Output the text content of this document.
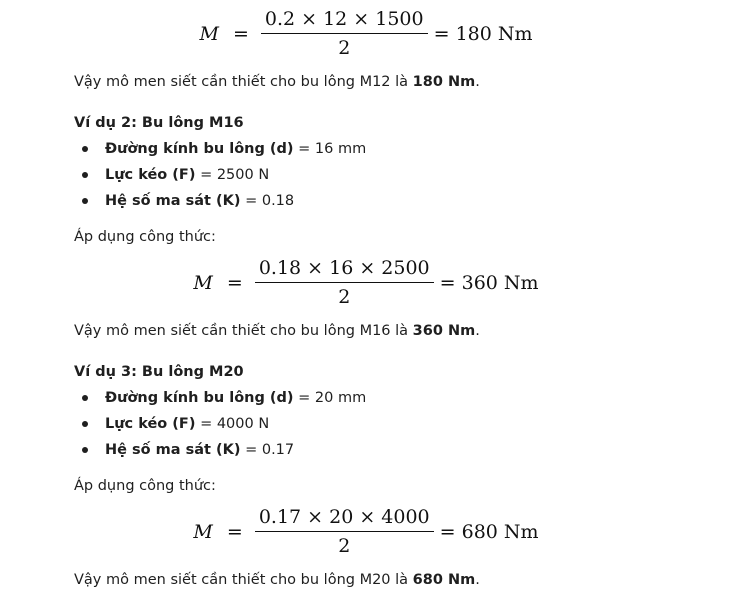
$M = \frac{0.2 \times 12 \times 1500}{2} = 180$ Nm
Vậy mô men siết cần thiết cho bu lông M12 là 180 Nm.
Ví dụ 2: Bu lông M16
Đường kính bu lông (d) = 16 mm
Lực kéo (F) = 2500 N
Hệ số ma sát (K) = 0.18
Áp dụng công thức:
$M = \frac{0.18 \times 16 \times 2500}{2} = 360$ Nm
Vậy mô men siết cần thiết cho bu lông M16 là 360 Nm.
Ví dụ 3: Bu lông M20
Đường kính bu lông (d) = 20 mm
Lực kéo (F) = 4000 N
Hệ số ma sát (K) = 0.17
Áp dụng công thức:
$M = \frac{0.17 \times 20 \times 4000}{2} = 680$ Nm
Vậy mô men siết cần thiết cho bu lông M20 là 680 Nm.
